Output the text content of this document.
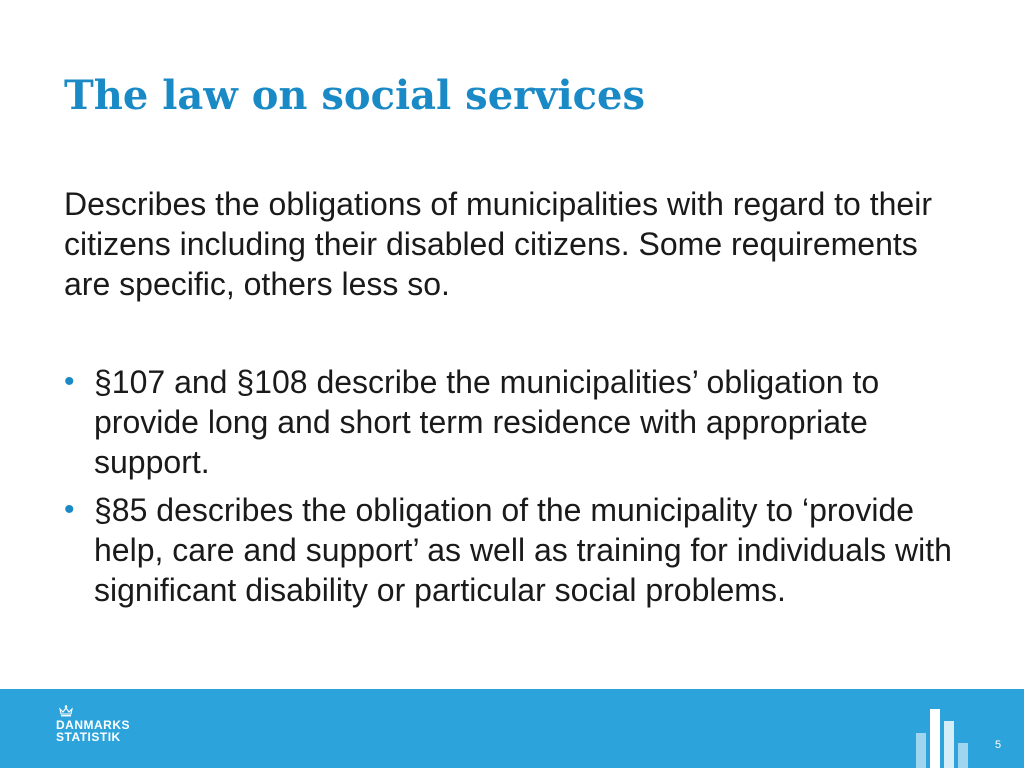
The law on social services

Describes the obligations of municipalities with regard to their citizens including their disabled citizens. Some requirements are specific, others less so.

• §107 and §108 describe the municipalities’ obligation to provide long and short term residence with appropriate support.
• §85 describes the obligation of the municipality to ‘provide help, care and support’ as well as training for individuals with significant disability or particular social problems.
DANMARKS
STATISTIK
5
